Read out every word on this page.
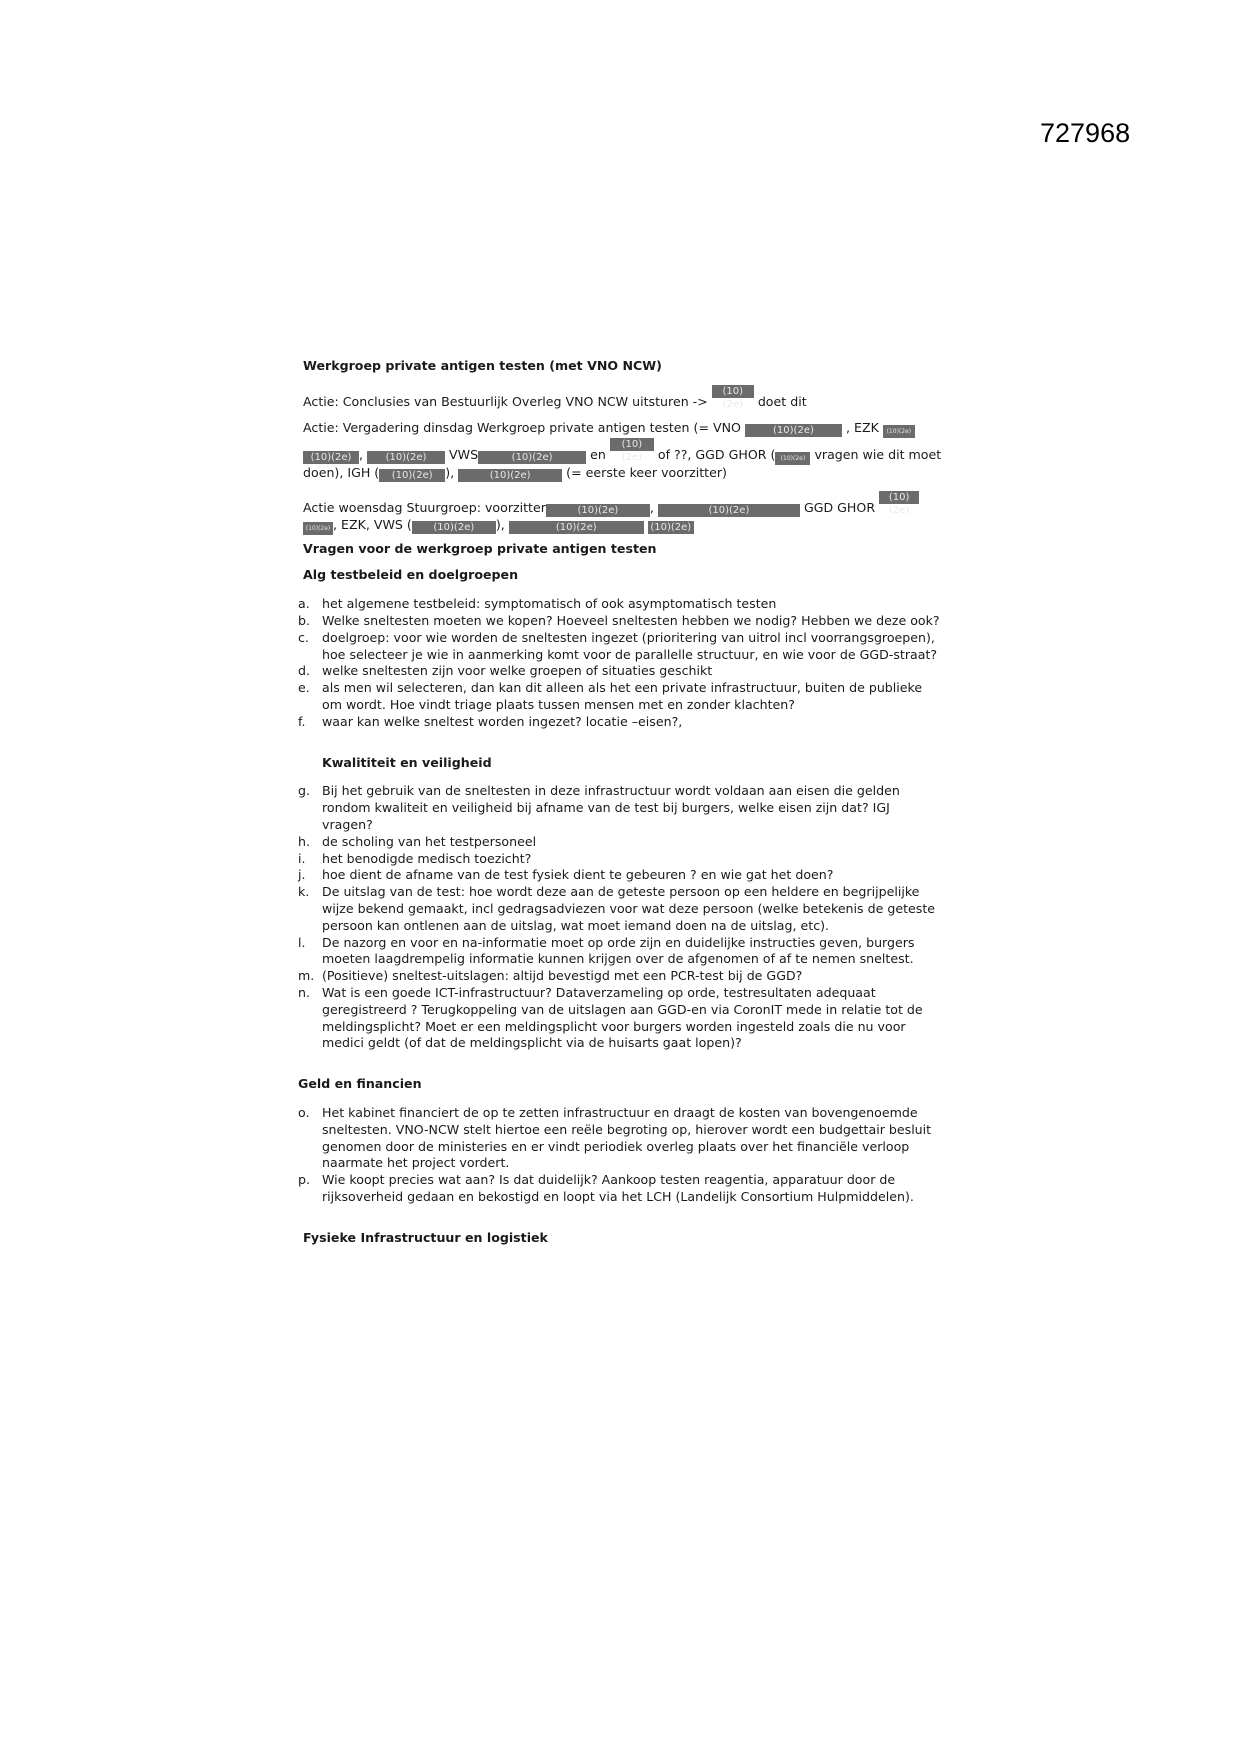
727968

Werkgroep private antigen testen (met VNO NCW)

Actie: Conclusies van Bestuurlijk Overleg VNO NCW uitsturen -> (10)(2e) doet dit

Actie: Vergadering dinsdag Werkgroep private antigen testen (= VNO	(10)(2e)	, EZK (10)(2e)
(10)(2e) , (10)(2e) VWS	(10)(2e)	en (10)(2e) of ??, GGD GHOR ( (10)(2e) vragen wie dit moet doen), IGH ( (10)(2e) ),	(10)(2e)	(= eerste keer voorzitter)

Actie woensdag Stuurgroep: voorzitter	(10)(2e)	,	(10)(2e)	GGD GHOR (10)(2e)
(10)(2e) , EZK, VWS ( (10)(2e) ),	(10)(2e)	(10)(2e)

Vragen voor de werkgroep private antigen testen

Alg testbeleid en doelgroepen

a. het algemene testbeleid: symptomatisch of ook asymptomatisch testen
b. Welke sneltesten moeten we kopen? Hoeveel sneltesten hebben we nodig? Hebben we deze ook?
c. doelgroep: voor wie worden de sneltesten ingezet (prioritering van uitrol incl voorrangsgroepen), hoe selecteer je wie in aanmerking komt voor de parallelle structuur, en wie voor de GGD-straat?
d. welke sneltesten zijn voor welke groepen of situaties geschikt
e. als men wil selecteren, dan kan dit alleen als het een private infrastructuur, buiten de publieke om wordt. Hoe vindt triage plaats tussen mensen met en zonder klachten?
f. waar kan welke sneltest worden ingezet? locatie –eisen?,

Kwalititeit en veiligheid

g. Bij het gebruik van de sneltesten in deze infrastructuur wordt voldaan aan eisen die gelden rondom kwaliteit en veiligheid bij afname van de test bij burgers, welke eisen zijn dat? IGJ vragen?
h. de scholing van het testpersoneel
i. het benodigde medisch toezicht?
j. hoe dient de afname van de test fysiek dient te gebeuren ? en wie gat het doen?
k. De uitslag van de test: hoe wordt deze aan de geteste persoon op een heldere en begrijpelijke wijze bekend gemaakt, incl gedragsadviezen voor wat deze persoon (welke betekenis de geteste persoon kan ontlenen aan de uitslag, wat moet iemand doen na de uitslag, etc).
l. De nazorg en voor en na-informatie moet op orde zijn en duidelijke instructies geven, burgers moeten laagdrempelig informatie kunnen krijgen over de afgenomen of af te nemen sneltest.
m. (Positieve) sneltest-uitslagen: altijd bevestigd met een PCR-test bij de GGD?
n. Wat is een goede ICT-infrastructuur? Dataverzameling op orde, testresultaten adequaat geregistreerd ? Terugkoppeling van de uitslagen aan GGD-en via CoronIT mede in relatie tot de meldingsplicht? Moet er een meldingsplicht voor burgers worden ingesteld zoals die nu voor medici geldt (of dat de meldingsplicht via de huisarts gaat lopen)?

Geld en financien

o. Het kabinet financiert de op te zetten infrastructuur en draagt de kosten van bovengenoemde sneltesten. VNO-NCW stelt hiertoe een reële begroting op, hierover wordt een budgettair besluit genomen door de ministeries en er vindt periodiek overleg plaats over het financiële verloop naarmate het project vordert.
p. Wie koopt precies wat aan? Is dat duidelijk? Aankoop testen reagentia, apparatuur door de rijksoverheid gedaan en bekostigd en loopt via het LCH (Landelijk Consortium Hulpmiddelen).

Fysieke Infrastructuur en logistiek
